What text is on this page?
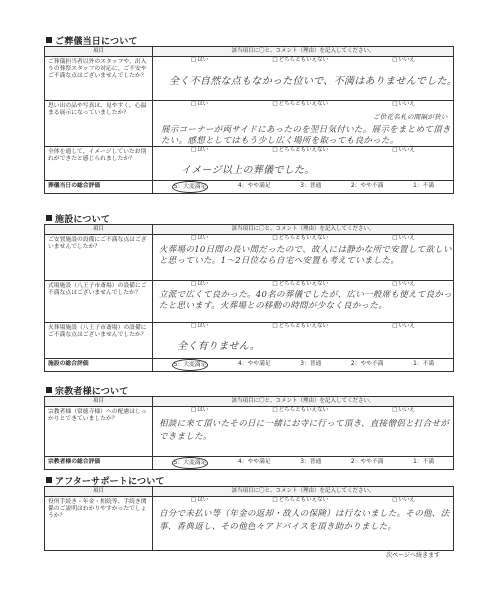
ご葬儀当日について
項目	該当項目に〇と、コメント（理由）を記入してください。
ご葬儀担当者以外のスタッフや、出入りの葬祭スタッフの対応に、ご不安やご不満な点はございませんでしたか？	□ はい □ どちらともいえない □ いいえ
全く不自然な点もなかった位いで、不満はありませんでした。

思い出の品や写真は、見やすく、心温まる展示になっていましたか？	□ はい □ どちらともいえない □ いいえ
ご供花名札の間隔が狭い
展示コーナーが両サイドにあったのを翌日気付いた。展示をまとめて頂きたい。感想としてはもう少し広く場所を取っても良かった。

全体を通して、イメージしていたお別れができたと感じられましたか？	□ はい □ どちらともいえない □ いいえ
イメージ以上の葬儀でした。

葬儀当日の総合評価	5：大変満足 4：やや満足 3：普通 2：やや不満 1：不満
施設について
項目	該当項目に〇と、コメント（理由）を記入してください。
ご安置施設の設備にご不満な点はございませんでしたか？	□ はい □ どちらともいえない □ いいえ
火葬場の10日間の長い間だったので、故人には静かな所で安置して欲しいと思っていた。1～2日位なら自宅へ安置も考えていました。

式場施設（八王子市斎場）の設備にご不満な点はございませんでしたか？	□ はい □ どちらともいえない □ いいえ
立派で広くて良かった。40名の葬儀でしたが、広い一般席も使えて良かったと思います。火葬場との移動の時間が少なく良かった。

火葬場施設（八王子市斎場）の設備にご不満な点はございませんでしたか？	□ はい □ どちらともいえない □ いいえ
全く有りません。

施設の総合評価	5：大変満足 4：やや満足 3：普通 2：やや不満 1：不満
宗教者様について
項目	該当項目に〇と、コメント（理由）を記入してください。
宗教者様（常徳寺様）への配慮はしっかりとできていましたか？	□ はい □ どちらともいえない □ いいえ
相談に来て頂いたその日に一緒にお寺に行って頂き、直接僧侶と打合せができました。

宗教者様の総合評価	5：大変満足 4：やや満足 3：普通 2：やや不満 1：不満
アフターサポートについて
項目	該当項目に〇と、コメント（理由）を記入してください。
役所手続き・年金・相続等、手続き関係のご説明はわかりやすかったでしょうか？	□ はい □ どちらともいえない □ いいえ
自分で未払い等（年金の返却・故人の保険）は行ないました。その他、法事、香典返し、その他色々アドバイスを頂き助かりました。
次ページへ続きます
